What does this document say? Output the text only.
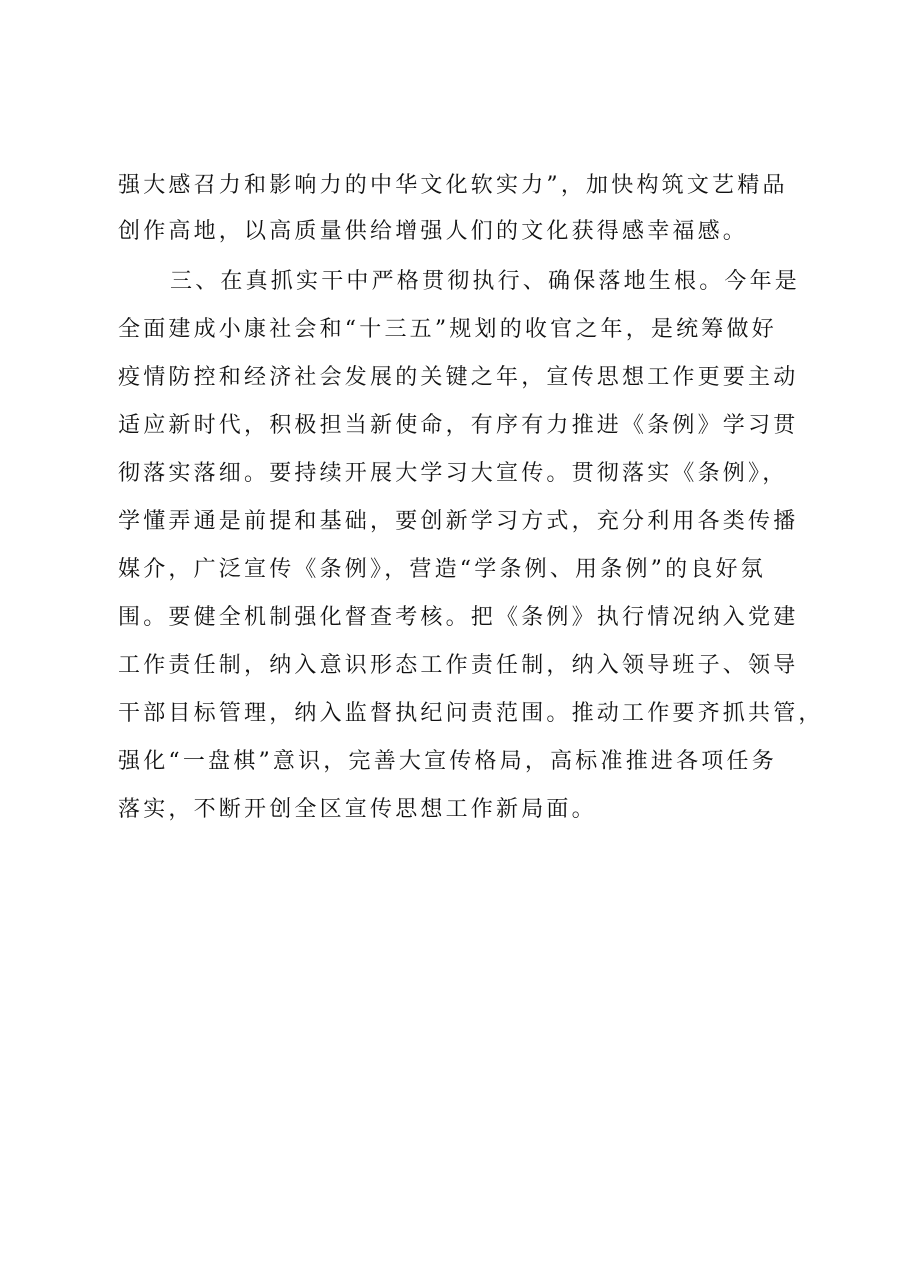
强大感召力和影响力的中华文化软实力”，加快构筑文艺精品
创作高地，以高质量供给增强人们的文化获得感幸福感。
三、在真抓实干中严格贯彻执行、确保落地生根。今年是
全面建成小康社会和“十三五”规划的收官之年，是统筹做好
疫情防控和经济社会发展的关键之年，宣传思想工作更要主动
适应新时代，积极担当新使命，有序有力推进《条例》学习贯
彻落实落细。要持续开展大学习大宣传。贯彻落实《条例》，
学懂弄通是前提和基础，要创新学习方式，充分利用各类传播
媒介，广泛宣传《条例》，营造“学条例、用条例”的良好氛
围。要健全机制强化督查考核。把《条例》执行情况纳入党建
工作责任制，纳入意识形态工作责任制，纳入领导班子、领导
干部目标管理，纳入监督执纪问责范围。推动工作要齐抓共管，
强化“一盘棋”意识，完善大宣传格局，高标准推进各项任务
落实，不断开创全区宣传思想工作新局面。
